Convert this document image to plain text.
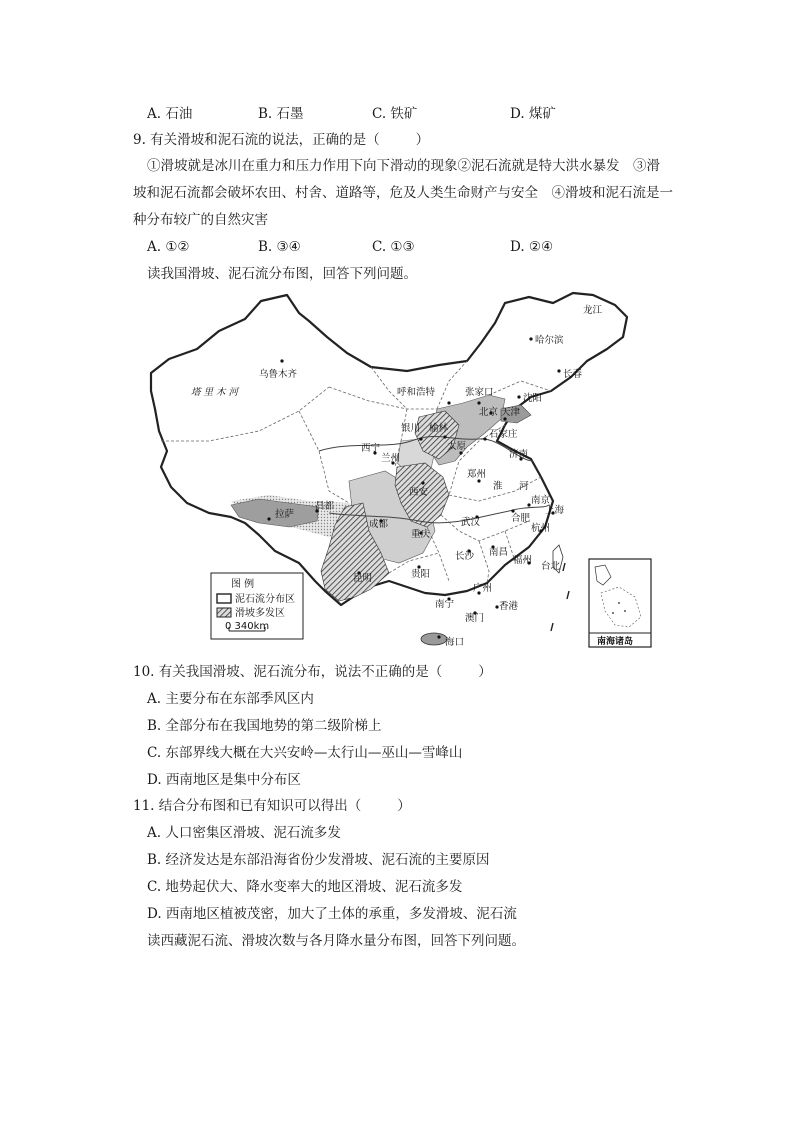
A. 石油	B. 石墨	C. 铁矿	D. 煤矿
9. 有关滑坡和泥石流的说法，正确的是（	）
①滑坡就是冰川在重力和压力作用下向下滑动的现象②泥石流就是特大洪水暴发　③滑
坡和泥石流都会破坏农田、村舍、道路等，危及人类生命财产与安全　④滑坡和泥石流是一
种分布较广的自然灾害
A. ①②	B. ③④	C. ①③	D. ②④
读我国滑坡、泥石流分布图，回答下列问题。
乌鲁木齐
哈尔滨
长春
沈阳
呼和浩特	张家口
北京 天津
银川 榆林
太原
石家庄
济南
西宁
兰州
西安
郑州
南京
上海
合肥
武汉
杭州
成都
重庆
拉萨
昌都
长沙 南昌
福州
贵阳
昆明
台北
南宁
广州
香港
澳门
海口
塔 里 木 河
龙江
淮 河
图 例
泥石流分布区
滑坡多发区
0 340km
南海诸岛
10. 有关我国滑坡、泥石流分布，说法不正确的是（	）
A. 主要分布在东部季风区内
B. 全部分布在我国地势的第二级阶梯上
C. 东部界线大概在大兴安岭—太行山—巫山—雪峰山
D. 西南地区是集中分布区
11. 结合分布图和已有知识可以得出（	）
A. 人口密集区滑坡、泥石流多发
B. 经济发达是东部沿海省份少发滑坡、泥石流的主要原因
C. 地势起伏大、降水变率大的地区滑坡、泥石流多发
D. 西南地区植被茂密，加大了土体的承重，多发滑坡、泥石流
读西藏泥石流、滑坡次数与各月降水量分布图，回答下列问题。
